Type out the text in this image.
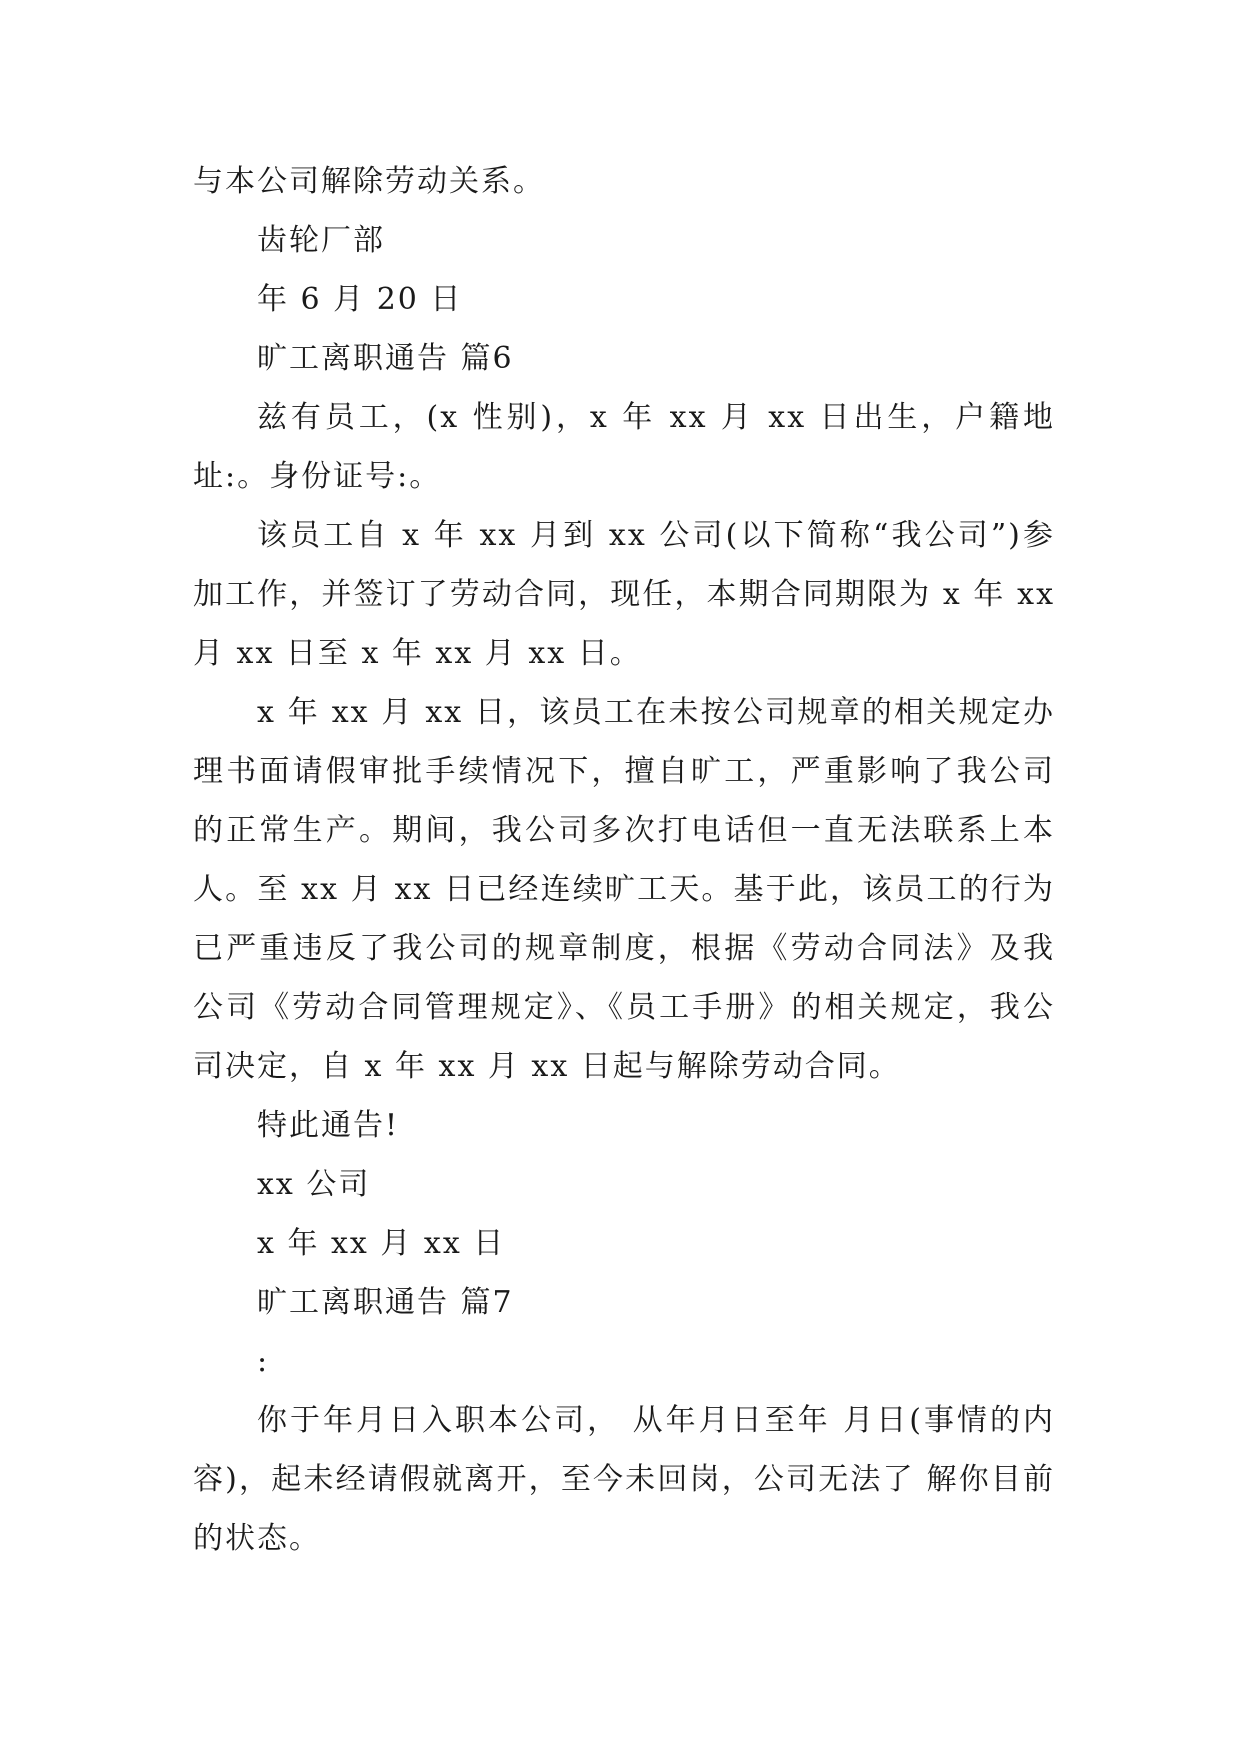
与本公司解除劳动关系。
齿轮厂部
年 6 月 20 日
旷工离职通告 篇6
兹有员工，(x 性别)，x 年 xx 月 xx 日出生，户籍地址:。身份证号:。
该员工自 x 年 xx 月到 xx 公司(以下简称“我公司”)参加工作，并签订了劳动合同，现任，本期合同期限为 x 年 xx 月 xx 日至 x 年 xx 月 xx 日。
x 年 xx 月 xx 日，该员工在未按公司规章的相关规定办理书面请假审批手续情况下，擅自旷工，严重影响了我公司的正常生产。期间，我公司多次打电话但一直无法联系上本人。至 xx 月 xx 日已经连续旷工天。基于此，该员工的行为已严重违反了我公司的规章制度，根据《劳动合同法》及我公司《劳动合同管理规定》、《员工手册》的相关规定，我公司决定，自 x 年 xx 月 xx 日起与解除劳动合同。
特此通告!
xx 公司
x 年 xx 月 xx 日
旷工离职通告 篇7
:
你于年月日入职本公司， 从年月日至年 月日(事情的内容)，起未经请假就离开，至今未回岗，公司无法了 解你目前的状态。
